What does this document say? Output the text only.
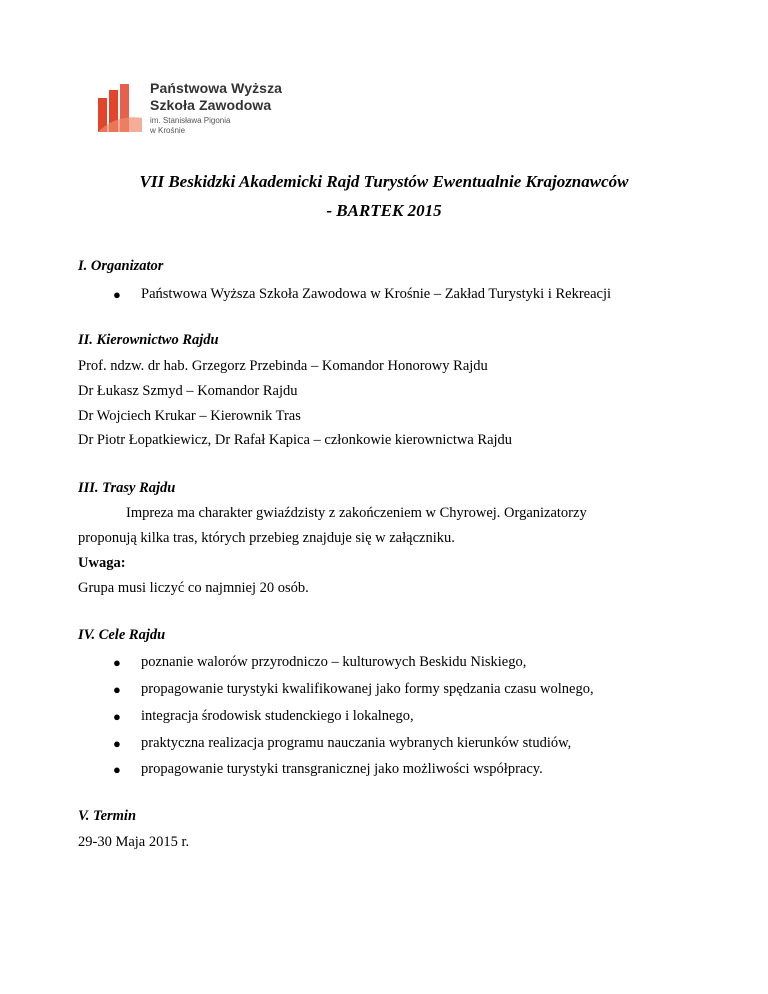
Państwowa Wyższa
Szkoła Zawodowa
im. Stanisława Pigonia
w Krośnie
VII Beskidzki Akademicki Rajd Turystów Ewentualnie Krajoznawców
- BARTEK 2015
I. Organizator
● Państwowa Wyższa Szkoła Zawodowa w Krośnie – Zakład Turystyki i Rekreacji
II. Kierownictwo Rajdu
Prof. ndzw. dr hab. Grzegorz Przebinda – Komandor Honorowy Rajdu
Dr Łukasz Szmyd – Komandor Rajdu
Dr Wojciech Krukar – Kierownik Tras
Dr Piotr Łopatkiewicz, Dr Rafał Kapica – członkowie kierownictwa Rajdu
III. Trasy Rajdu
Impreza ma charakter gwiaździsty z zakończeniem w Chyrowej. Organizatorzy
proponują kilka tras, których przebieg znajduje się w załączniku.
Uwaga:
Grupa musi liczyć co najmniej 20 osób.
IV. Cele Rajdu
● poznanie walorów przyrodniczo – kulturowych Beskidu Niskiego,
● propagowanie turystyki kwalifikowanej jako formy spędzania czasu wolnego,
● integracja środowisk studenckiego i lokalnego,
● praktyczna realizacja programu nauczania wybranych kierunków studiów,
● propagowanie turystyki transgranicznej jako możliwości współpracy.
V. Termin
29-30 Maja 2015 r.
